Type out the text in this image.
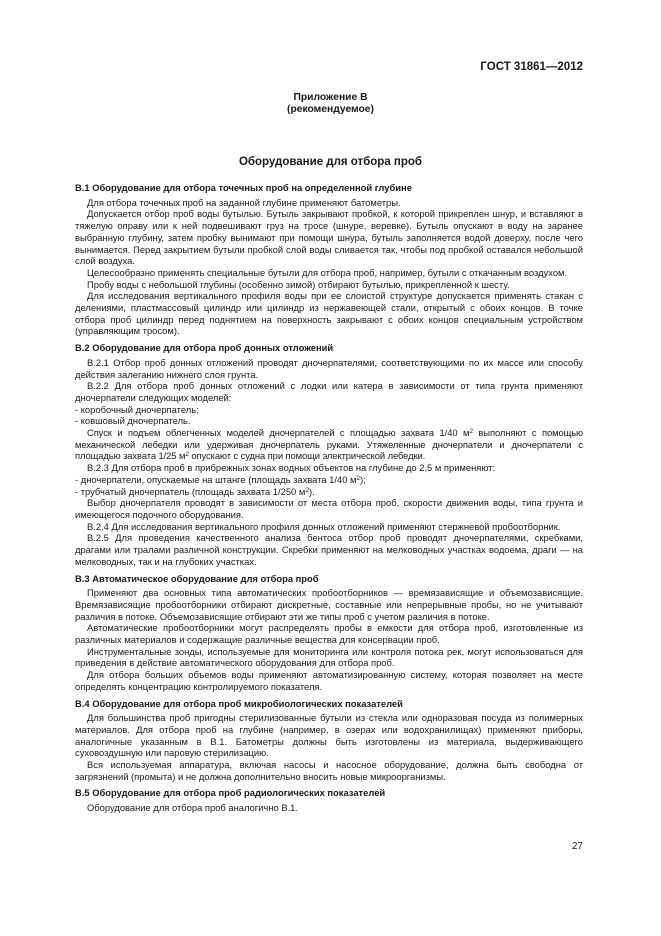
ГОСТ 31861—2012
Приложение В
(рекомендуемое)
Оборудование для отбора проб
В.1 Оборудование для отбора точечных проб на определенной глубине

Для отбора точечных проб на заданной глубине применяют батометры.

Допускается отбор проб воды бутылью. Бутыль закрывают пробкой, к которой прикреплен шнур, и вставляют в тяжелую оправу или к ней подвешивают груз на тросе (шнуре, веревке). Бутыль опускают в воду на заранее выбранную глубину, затем пробку вынимают при помощи шнура, бутыль заполняется водой доверху, после чего вынимается. Перед закрытием бутыли пробкой слой воды сливается так, чтобы под пробкой оставался небольшой слой воздуха.

Целесообразно применять специальные бутыли для отбора проб, например, бутыли с откачанным воздухом.

Пробу воды с небольшой глубины (особенно зимой) отбирают бутылью, прикрепленной к шесту.

Для исследования вертикального профиля воды при ее слоистой структуре допускается применять стакан с делениями, пластмассовый цилиндр или цилиндр из нержавеющей стали, открытый с обоих концов. В точке отбора проб цилиндр перед поднятием на поверхность закрывают с обоих концов специальным устройством (управляющим тросом).

В.2 Оборудование для отбора проб донных отложений

В.2.1 Отбор проб донных отложений проводят дночерпателями, соответствующими по их массе или способу действия залеганию нижнего слоя грунта.

В.2.2 Для отбора проб донных отложений с лодки или катера в зависимости от типа грунта применяют дночерпатели следующих моделей:

- коробочный дночерпатель;

- ковшовый дночерпатель.

Спуск и подъем облегченных моделей дночерпателей с площадью захвата 1/40 $м^2$ выполняют с помощью механической лебедки или удерживая дночерпатель руками. Утяжеленные дночерпатели и дночерпатели с площадью захвата 1/25 $м^2$ опускают с судна при помощи электрической лебедки.

В.2.3 Для отбора проб в прибрежных зонах водных объектов на глубине до 2,5 м применяют:

- дночерпатели, опускаемые на штанге (площадь захвата 1/40 $м^2$);

- трубчатый дночерпатель (площадь захвата 1/250 $м^2$).

Выбор дночерпателя проводят в зависимости от места отбора проб, скорости движения воды, типа грунта и имеющегося подочного оборудования.

В.2.4 Для исследования вертикального профиля донных отложений применяют стержневой пробоотборник.

В.2.5 Для проведения качественного анализа бентоса отбор проб проводят дночерпателями, скребками, драгами или тралами различной конструкции. Скребки применяют на мелководных участках водоема, драги — на мелководных, так и на глубоких участках.

В.3 Автоматическое оборудование для отбора проб

Применяют два основных типа автоматических пробоотборников — времязависящие и объемозависящие. Времязависящие пробоотборники отбирают дискретные, составные или непрерывные пробы, но не учитывают различия в потоке. Объемозависящие отбирают эти же типы проб с учетом различия в потоке.

Автоматические пробоотборники могут распределять пробы в емкости для отбора проб, изготовленные из различных материалов и содержащие различные вещества для консервации проб.

Инструментальные зонды, используемые для мониторинга или контроля потока рек, могут использоваться для приведения в действие автоматического оборудования для отбора проб.

Для отбора больших объемов воды применяют автоматизированную систему, которая позволяет на месте определять концентрацию контролируемого показателя.

В.4 Оборудование для отбора проб микробиологических показателей

Для большинства проб пригодны стерилизованные бутыли из стекла или одноразовая посуда из полимерных материалов. Для отбора проб на глубине (например, в озерах или водохранилищах) применяют приборы, аналогичные указанным в В.1. Батометры должны быть изготовлены из материала, выдерживающего суховоздушную или паровую стерилизацию.

Вся используемая аппаратура, включая насосы и насосное оборудование, должна быть свободна от загрязнений (промыта) и не должна дополнительно вносить новые микроорганизмы.

В.5 Оборудование для отбора проб радиологических показателей

Оборудование для отбора проб аналогично В.1.

27
